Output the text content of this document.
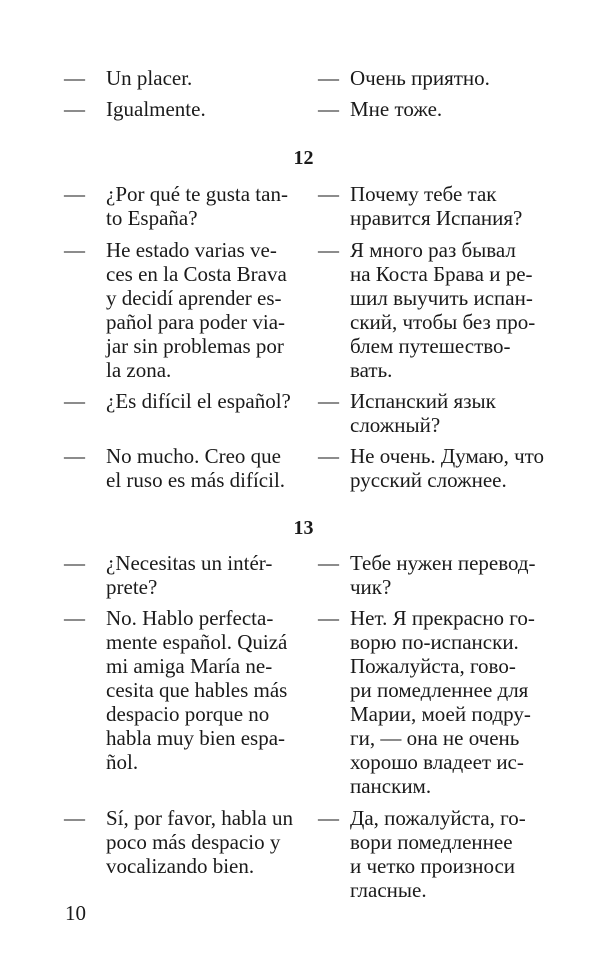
— Un placer.	— Очень приятно.
— Igualmente.	— Мне тоже.
12
— ¿Por qué te gusta tan-
to España?
— Почему тебе так
нравится Испания?
— He estado varias ve-
ces en la Costa Brava
y decidí aprender es-
pañol para poder via-
jar sin problemas por
la zona.
— Я много раз бывал
на Коста Брава и ре-
шил выучить испан-
ский, чтобы без про-
блем путешество-
вать.
— ¿Es difícil el español? — Испанский язык
сложный?
— No mucho. Creo que
el ruso es más difícil.
— Не очень. Думаю, что
русский сложнее.
13
— ¿Necesitas un intér-
prete?
— Тебе нужен перевод-
чик?
— No. Hablo perfecta-
mente español. Quizá
mi amiga María ne-
cesita que hables más
despacio porque no
habla muy bien espa-
ñol.
— Нет. Я прекрасно го-
ворю по-испански.
Пожалуйста, гово-
ри помедленнее для
Марии, моей подру-
ги, — она не очень
хорошо владеет ис-
панским.
— Sí, por favor, habla un
poco más despacio y
vocalizando bien.
— Да, пожалуйста, го-
вори помедленнее
и четко произноси
гласные.
10
